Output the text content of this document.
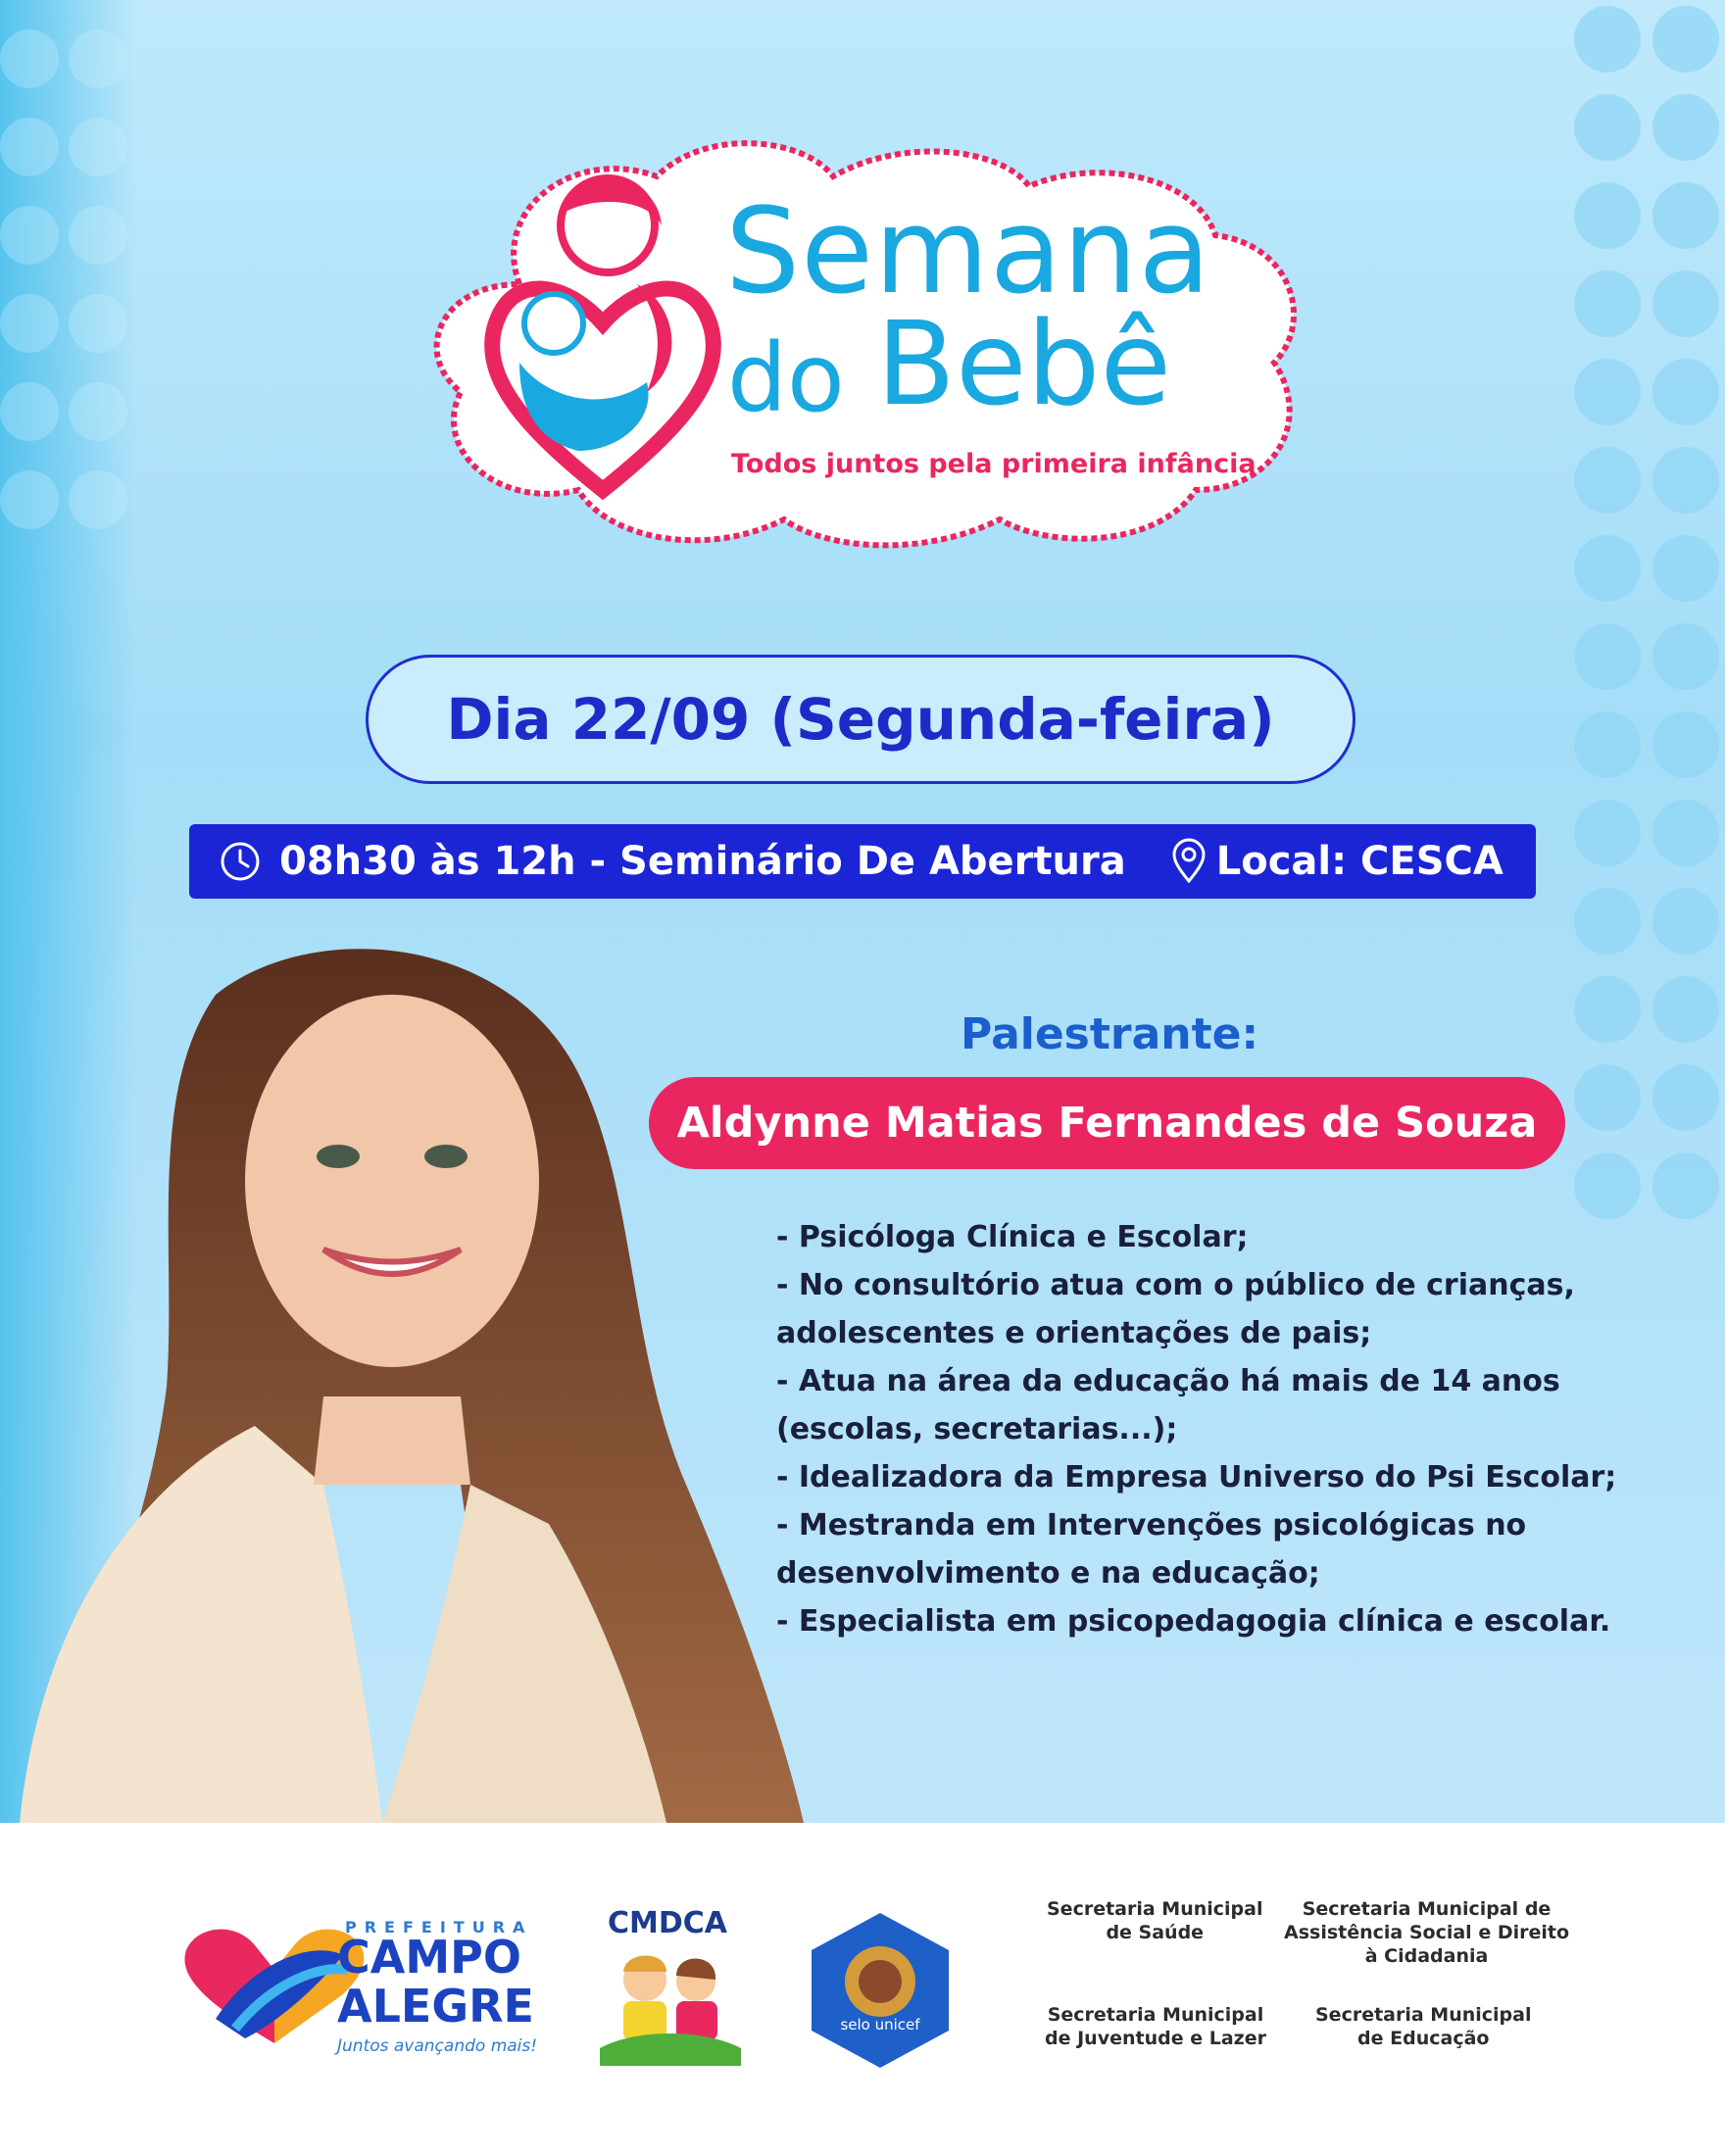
Semana
do Bebê
Todos juntos pela primeira infância
Dia 22/09 (Segunda-feira)
08h30 às 12h - Seminário De Abertura Local: CESCA
Palestrante:
Aldynne Matias Fernandes de Souza
- Psicóloga Clínica e Escolar;
- No consultório atua com o público de crianças,
adolescentes e orientações de pais;
- Atua na área da educação há mais de 14 anos
(escolas, secretarias...);
- Idealizadora da Empresa Universo do Psi Escolar;
- Mestranda em Intervenções psicológicas no
desenvolvimento e na educação;
- Especialista em psicopedagogia clínica e escolar.
PREFEITURA
CAMPO
ALEGRE
Juntos avançando mais!
CMDCA
selo unicef
Secretaria Municipal
de Saúde
Secretaria Municipal de
Assistência Social e Direito
à Cidadania
Secretaria Municipal
de Juventude e Lazer
Secretaria Municipal
de Educação
